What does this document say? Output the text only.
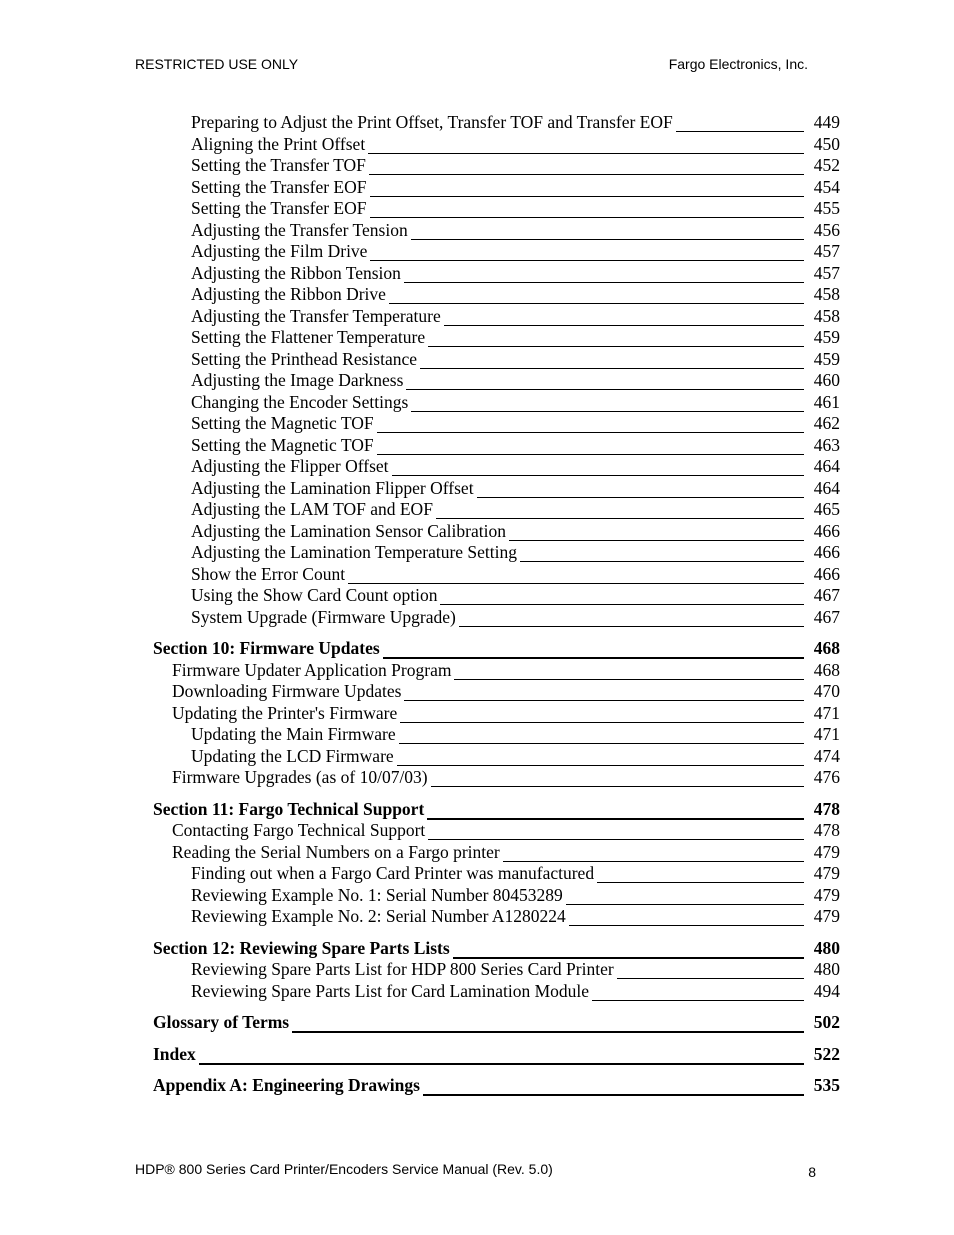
RESTRICTED USE ONLY	Fargo Electronics, Inc.
Preparing to Adjust the Print Offset, Transfer TOF and Transfer EOF	449
Aligning the Print Offset	450
Setting the Transfer TOF	452
Setting the Transfer EOF	454
Setting the Transfer EOF	455
Adjusting the Transfer Tension	456
Adjusting the Film Drive	457
Adjusting the Ribbon Tension	457
Adjusting the Ribbon Drive	458
Adjusting the Transfer Temperature	458
Setting the Flattener Temperature	459
Setting the Printhead Resistance	459
Adjusting the Image Darkness	460
Changing the Encoder Settings	461
Setting the Magnetic TOF	462
Setting the Magnetic TOF	463
Adjusting the Flipper Offset	464
Adjusting the Lamination Flipper Offset	464
Adjusting the LAM TOF and EOF	465
Adjusting the Lamination Sensor Calibration	466
Adjusting the Lamination Temperature Setting	466
Show the Error Count	466
Using the Show Card Count option	467
System Upgrade (Firmware Upgrade)	467
Section 10: Firmware Updates	468
Firmware Updater Application Program	468
Downloading Firmware Updates	470
Updating the Printer's Firmware	471
Updating the Main Firmware	471
Updating the LCD Firmware	474
Firmware Upgrades (as of 10/07/03)	476
Section 11: Fargo Technical Support	478
Contacting Fargo Technical Support	478
Reading the Serial Numbers on a Fargo printer	479
Finding out when a Fargo Card Printer was manufactured	479
Reviewing Example No. 1: Serial Number 80453289	479
Reviewing Example No. 2: Serial Number A1280224	479
Section 12: Reviewing Spare Parts Lists	480
Reviewing Spare Parts List for HDP 800 Series Card Printer	480
Reviewing Spare Parts List for Card Lamination Module	494
Glossary of Terms	502
Index	522
Appendix A: Engineering Drawings	535
HDP® 800 Series Card Printer/Encoders Service Manual (Rev. 5.0)	8
